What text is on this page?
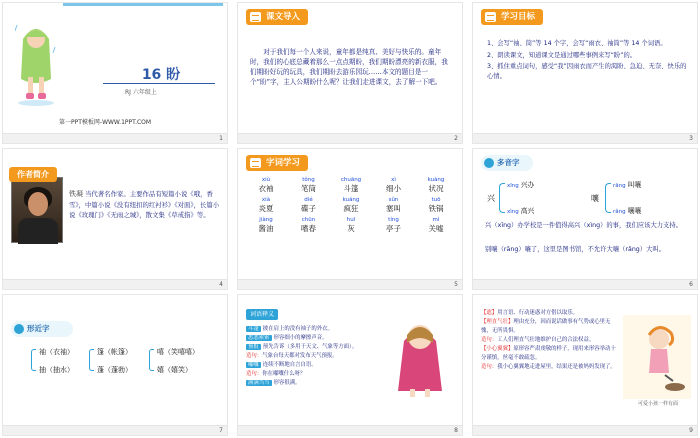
16 盼
RJ 六年级上
第一PPT模板网-WWW.1PPT.COM
1
课文导入
对于我们每一个人来说，童年都是纯真、美好与快乐的。童年时，我们的心底总藏着那么一点点期盼，我们期盼漂亮的新衣服，我们期盼好玩的玩具，我们期盼去游乐园玩……本文的题目是一个“盼”字，主人公期盼什么呢？让我们走进课文，去了解一下吧。
2
学习目标
1、会写“袖、筒”等 14 个字，会写“雨衣、袖筒”等 14 个词语。
2、朗读课文，知道课文是通过哪些事例来写“盼”的。
3、抓住重点词句，感受“我”因雨衣而产生的渴盼、急迫、无奈、快乐的心情。
3
作者简介
铁凝 当代著名作家。主要作品有短篇小说《哦，香雪》，中篇小说《没有纽扣的红衬衫》《对面》，长篇小说《玫瑰门》《无雨之城》，散文集《草戒指》等。
4
字词学习
xiù
衣袖
tǒng
笔筒
chuāng
斗篷
xì
细小
kuàng
状况
xià
炎夏
dié
碟子
kuáng
疯狂
sǔn
塞叫
tuō
铁锅
jiàng
酱油
chūn
嗜春
huī
灰
tíng
亭子
mì
关嘘
5
多音字
兴
xīng 兴办
xìng 高兴
嚷
rāng 叫嚷
rǎng 嚷嚷
兴（xīng）办学校是一件值得高兴（xìng）的事，我们应该大力支持。
别嚷（rāng）嚷了，这里是图书馆，不允许大嚷（rǎng）大叫。
6
形近字
袖（衣袖）
抽（抽水）
篷（帐篷）
蓬（蓬勃）
嘻（笑嘻嘻）
嬉（嬉笑）
7
词语释义
斗篷 披在肩上的没有袖子的外衣。
悉悉索索 形容细小的摩擦声音。
预报 预先告诉（多用于天文、气象等方面）。
造句：气象台每天都对发布天气预报。
嘟囔 连续不断地自言自语。
造句：你在嘟囔什么呀？
满满当当 形容很满。
8
【遮】用言语、行动迷惑对方借以取乐。
【理直气壮】理由充分，因而说话做事有气势或心里无愧，无所畏惧。
造句：工人们理直气壮地维护自己的合法权益。
【小心翼翼】原形容严肃虔敬的样子，现用来形容举动十分谨慎，丝毫不敢疏忽。
造句：我小心翼翼地走进屋里，结果还是被妈妈发现了。
可爱小孩一样有面
9
